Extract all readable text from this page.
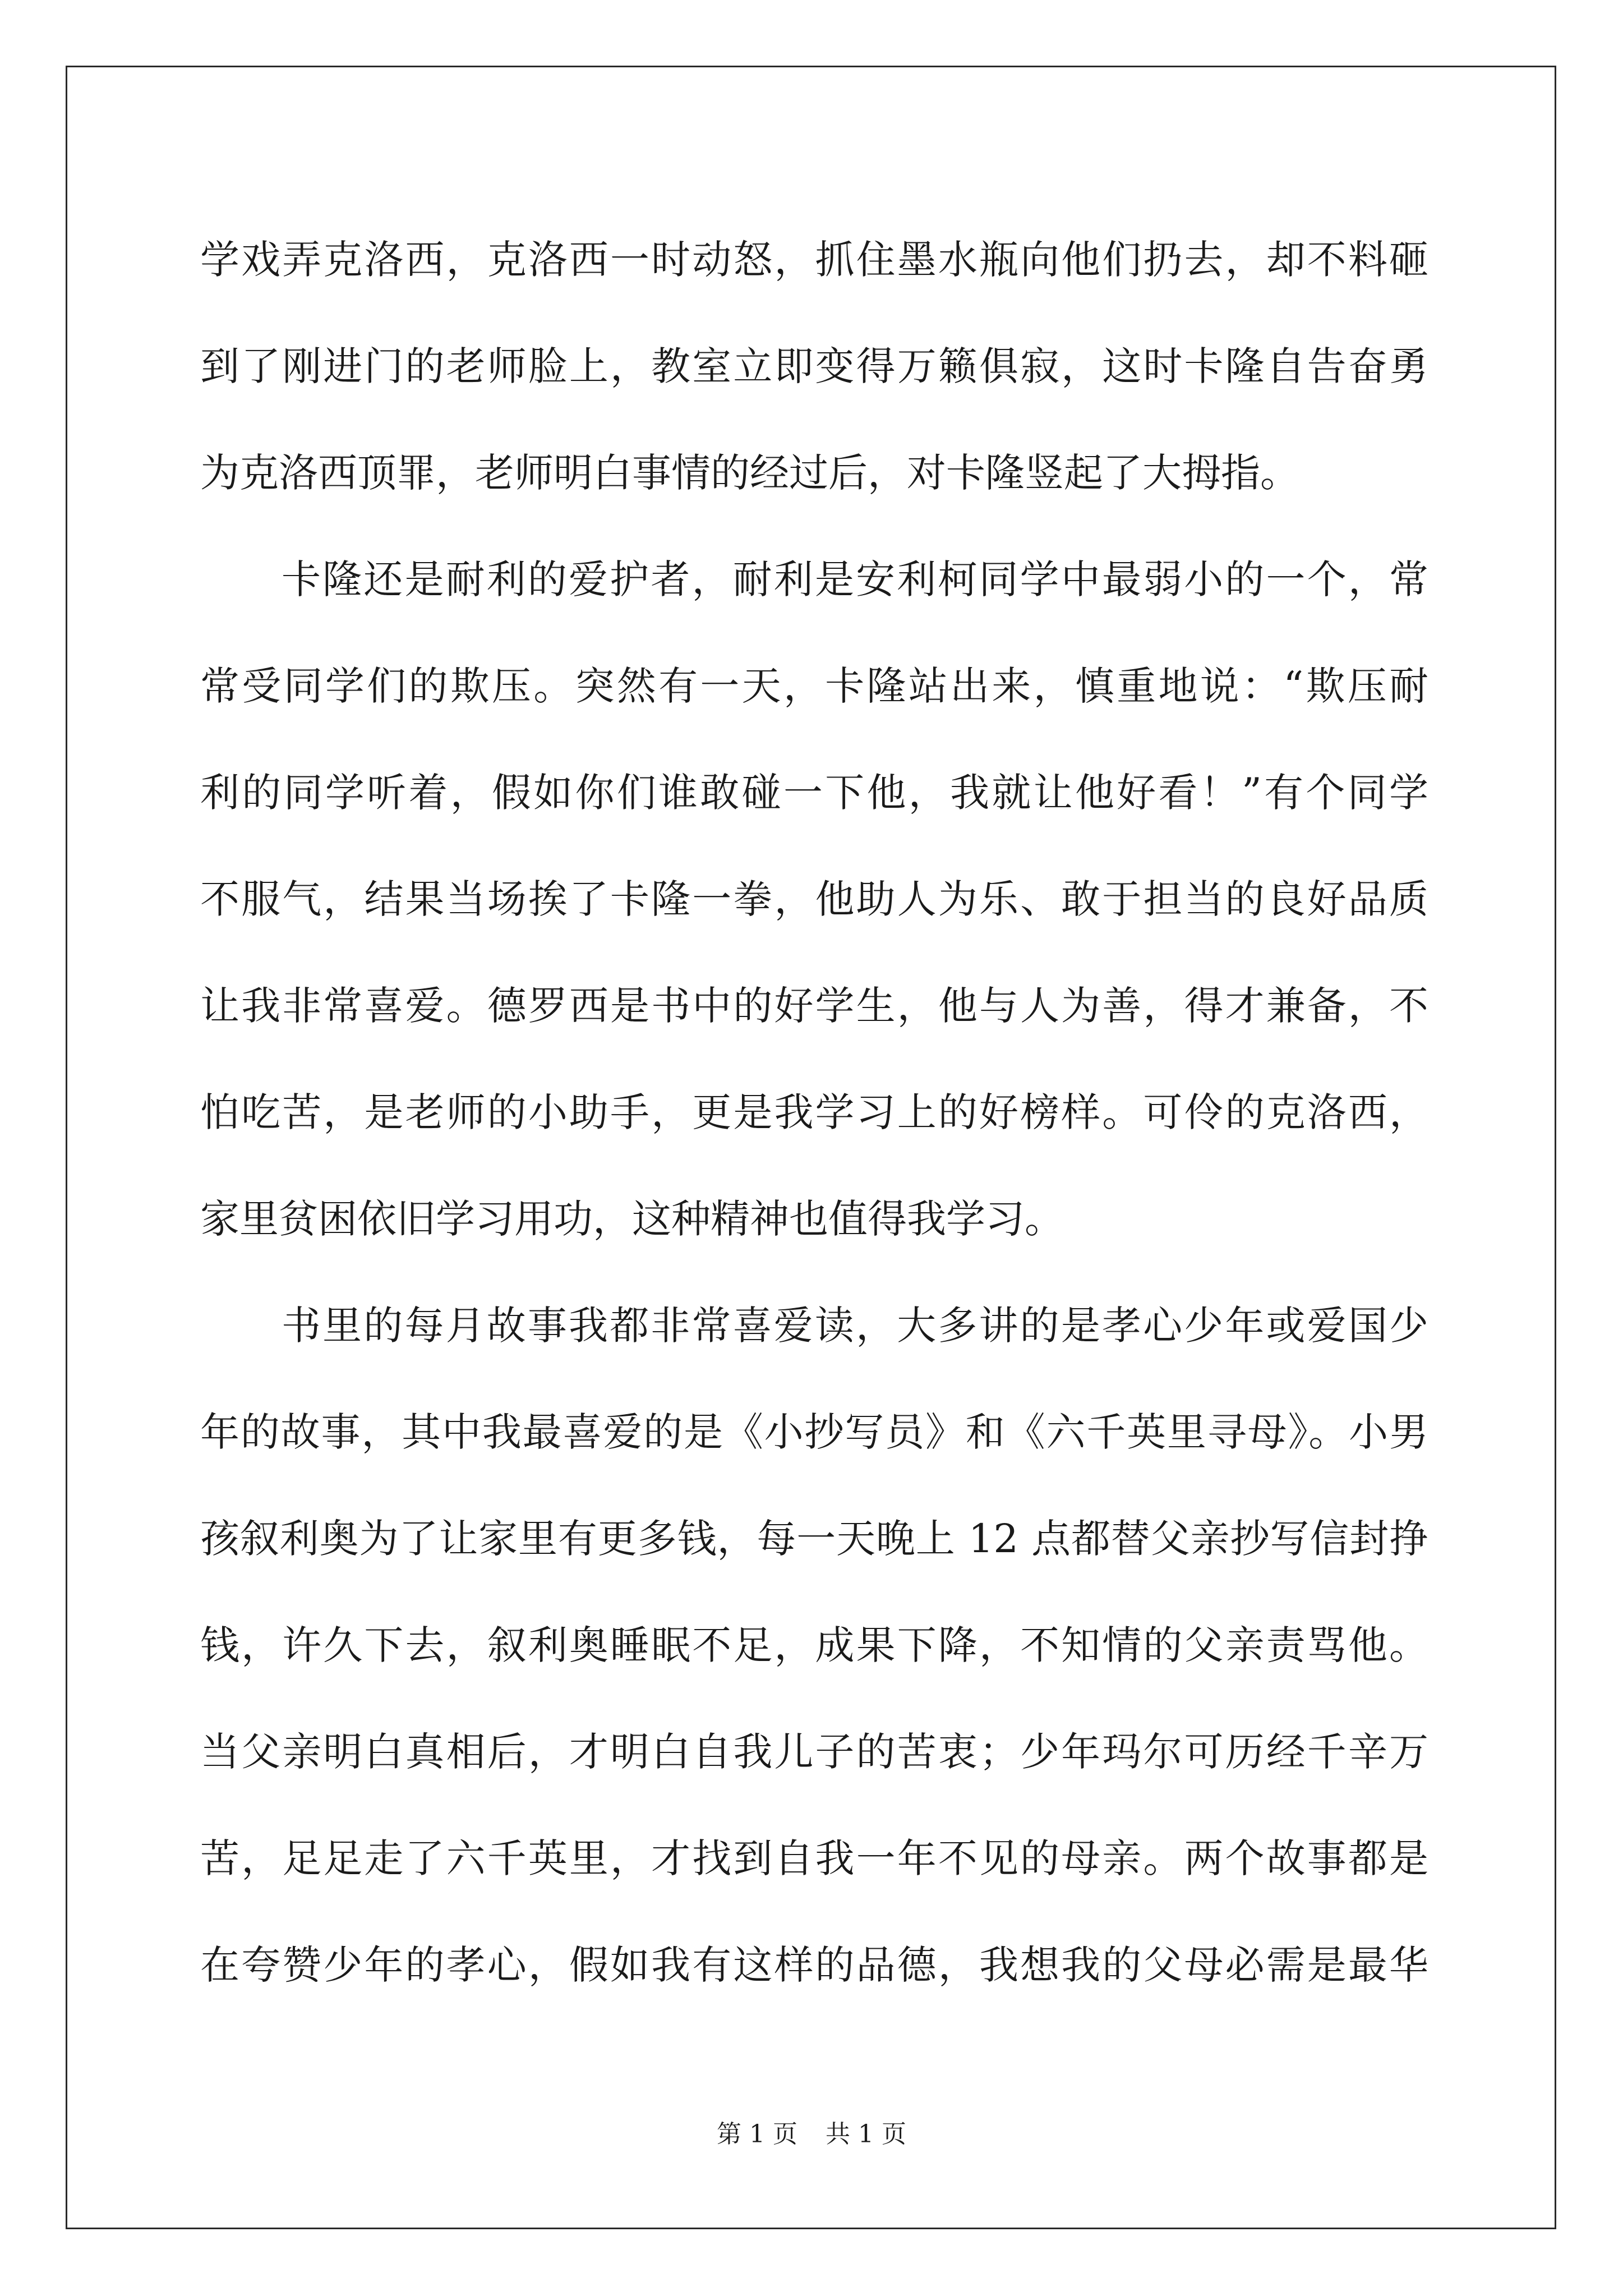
学戏弄克洛西，克洛西一时动怒，抓住墨水瓶向他们扔去，却不料砸
到了刚进门的老师脸上，教室立即变得万籁俱寂，这时卡隆自告奋勇
为克洛西顶罪，老师明白事情的经过后，对卡隆竖起了大拇指。
卡隆还是耐利的爱护者，耐利是安利柯同学中最弱小的一个，常
常受同学们的欺压。突然有一天，卡隆站出来，慎重地说：“欺压耐
利的同学听着，假如你们谁敢碰一下他，我就让他好看！”有个同学
不服气，结果当场挨了卡隆一拳，他助人为乐、敢于担当的良好品质
让我非常喜爱。德罗西是书中的好学生，他与人为善，得才兼备，不
怕吃苦，是老师的小助手，更是我学习上的好榜样。可伶的克洛西，
家里贫困依旧学习用功，这种精神也值得我学习。
书里的每月故事我都非常喜爱读，大多讲的是孝心少年或爱国少
年的故事，其中我最喜爱的是《小抄写员》和《六千英里寻母》。小男
孩叙利奥为了让家里有更多钱，每一天晚上 12 点都替父亲抄写信封挣
钱，许久下去，叙利奥睡眠不足，成果下降，不知情的父亲责骂他。
当父亲明白真相后，才明白自我儿子的苦衷；少年玛尔可历经千辛万
苦，足足走了六千英里，才找到自我一年不见的母亲。两个故事都是
在夸赞少年的孝心，假如我有这样的品德，我想我的父母必需是最华
第 1 页 共 1 页
